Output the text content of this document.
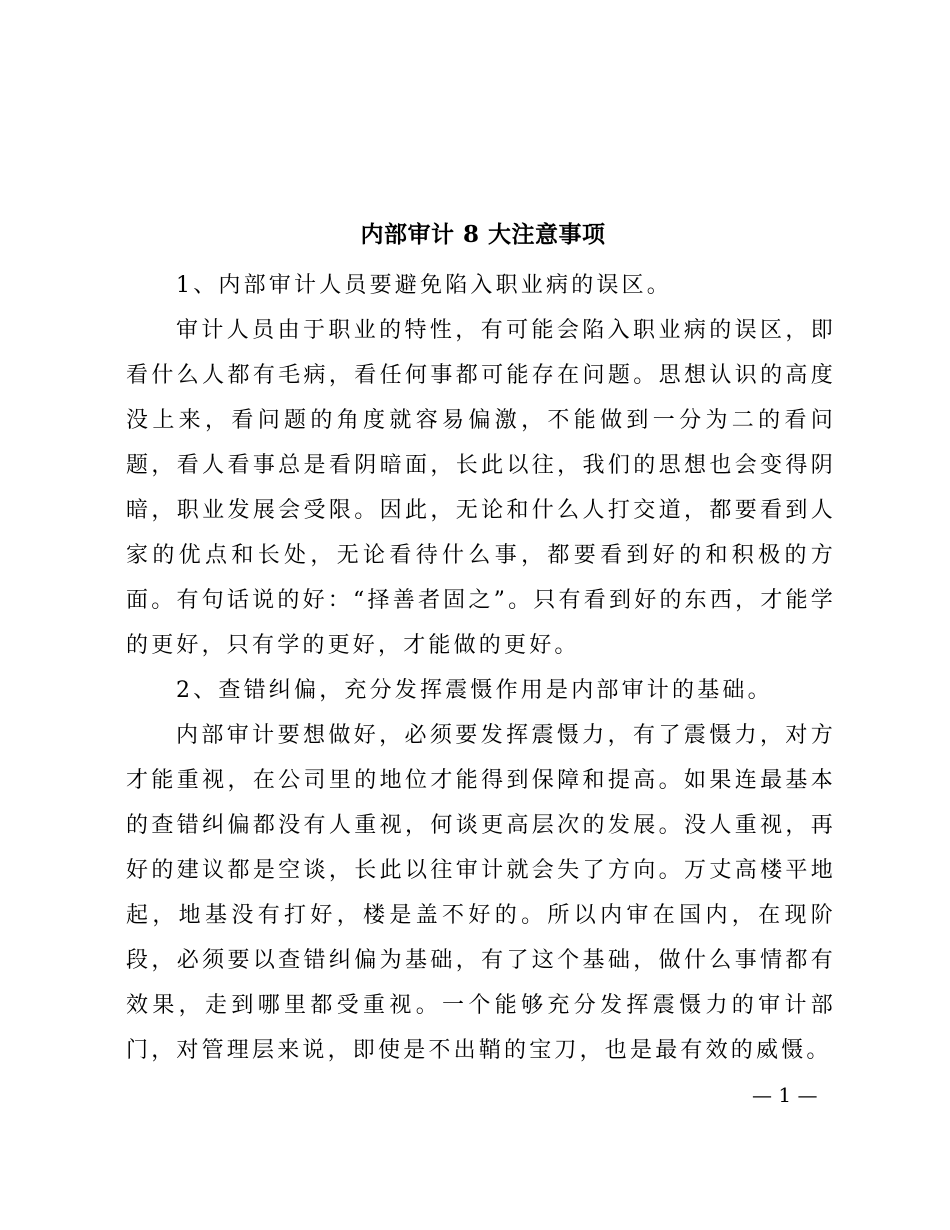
内部审计 8 大注意事项

1、内部审计人员要避免陷入职业病的误区。

审计人员由于职业的特性，有可能会陷入职业病的误区，即看什么人都有毛病，看任何事都可能存在问题。思想认识的高度没上来，看问题的角度就容易偏激，不能做到一分为二的看问题，看人看事总是看阴暗面，长此以往，我们的思想也会变得阴暗，职业发展会受限。因此，无论和什么人打交道，都要看到人家的优点和长处，无论看待什么事，都要看到好的和积极的方面。有句话说的好：“择善者固之”。只有看到好的东西，才能学的更好，只有学的更好，才能做的更好。

2、查错纠偏，充分发挥震慑作用是内部审计的基础。

内部审计要想做好，必须要发挥震慑力，有了震慑力，对方才能重视，在公司里的地位才能得到保障和提高。如果连最基本的查错纠偏都没有人重视，何谈更高层次的发展。没人重视，再好的建议都是空谈，长此以往审计就会失了方向。万丈高楼平地起，地基没有打好，楼是盖不好的。所以内审在国内，在现阶段，必须要以查错纠偏为基础，有了这个基础，做什么事情都有效果，走到哪里都受重视。一个能够充分发挥震慑力的审计部门，对管理层来说，即使是不出鞘的宝刀，也是最有效的威慑。

— 1 —
